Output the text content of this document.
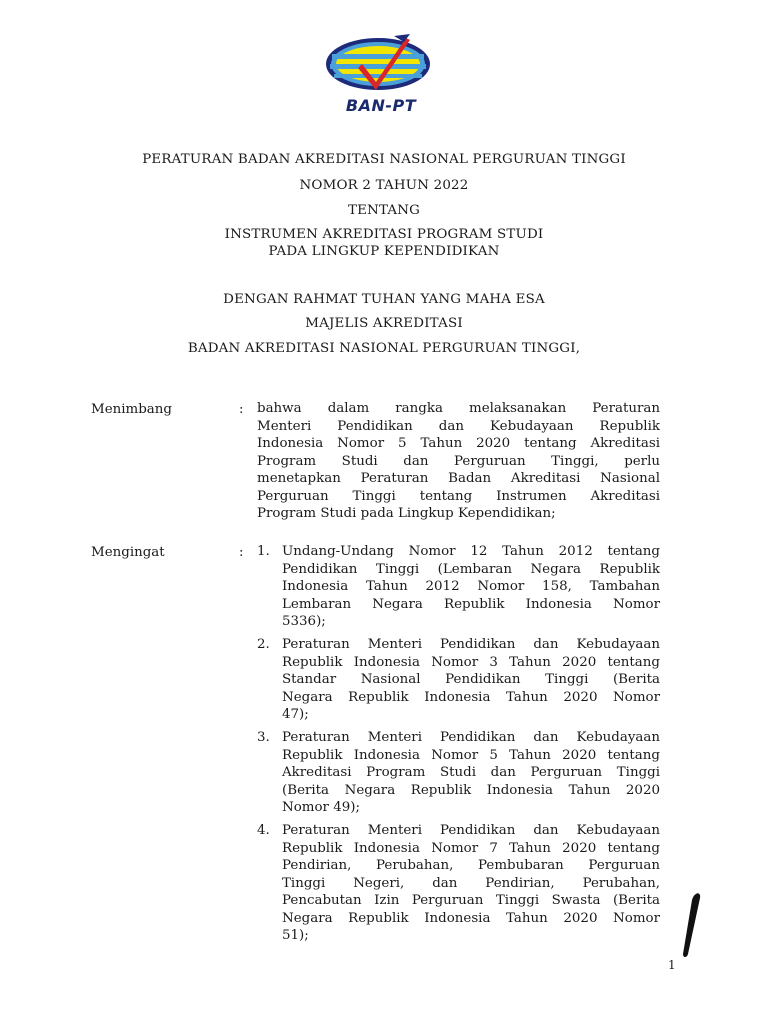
BAN-PT
PERATURAN BADAN AKREDITASI NASIONAL PERGURUAN TINGGI
NOMOR 2 TAHUN 2022
TENTANG
INSTRUMEN AKREDITASI PROGRAM STUDI
PADA LINGKUP KEPENDIDIKAN
DENGAN RAHMAT TUHAN YANG MAHA ESA
MAJELIS AKREDITASI
BADAN AKREDITASI NASIONAL PERGURUAN TINGGI,
Menimbang	: bahwa dalam rangka melaksanakan Peraturan
Menteri Pendidikan dan Kebudayaan Republik
Indonesia Nomor 5 Tahun 2020 tentang Akreditasi
Program Studi dan Perguruan Tinggi, perlu
menetapkan Peraturan Badan Akreditasi Nasional
Perguruan Tinggi tentang Instrumen Akreditasi
Program Studi pada Lingkup Kependidikan;
Mengingat	: 1. Undang-Undang Nomor 12 Tahun 2012 tentang
Pendidikan Tinggi (Lembaran Negara Republik
Indonesia Tahun 2012 Nomor 158, Tambahan
Lembaran Negara Republik Indonesia Nomor
5336);
2. Peraturan Menteri Pendidikan dan Kebudayaan
Republik Indonesia Nomor 3 Tahun 2020 tentang
Standar Nasional Pendidikan Tinggi (Berita
Negara Republik Indonesia Tahun 2020 Nomor
47);
3. Peraturan Menteri Pendidikan dan Kebudayaan
Republik Indonesia Nomor 5 Tahun 2020 tentang
Akreditasi Program Studi dan Perguruan Tinggi
(Berita Negara Republik Indonesia Tahun 2020
Nomor 49);
4. Peraturan Menteri Pendidikan dan Kebudayaan
Republik Indonesia Nomor 7 Tahun 2020 tentang
Pendirian, Perubahan, Pembubaran Perguruan
Tinggi Negeri, dan Pendirian, Perubahan,
Pencabutan Izin Perguruan Tinggi Swasta (Berita
Negara Republik Indonesia Tahun 2020 Nomor
51);
1
